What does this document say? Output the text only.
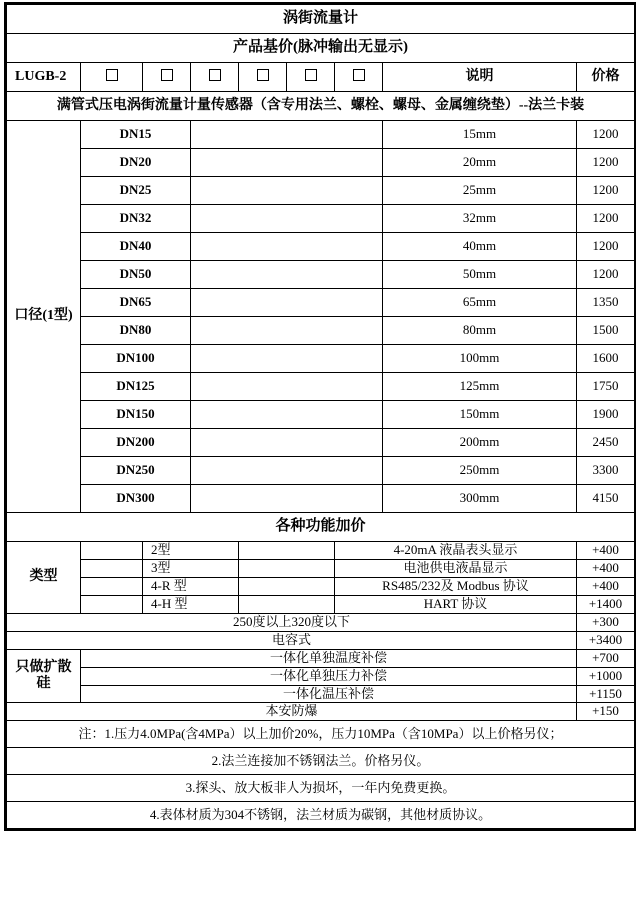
涡街流量计								
产品基价(脉冲输出无显示)								
LUGB-2							说明	价格
满管式压电涡街流量计量传感器（含专用法兰、螺栓、螺母、金属缠绕垫）--法兰卡装								
口径(1型)	DN15						15mm	1200
	DN20						20mm	1200
	DN25						25mm	1200
	DN32						32mm	1200
	DN40						40mm	1200
	DN50						50mm	1200
	DN65						65mm	1350
	DN80						80mm	1500
	DN100						100mm	1600
	DN125						125mm	1750
	DN150						150mm	1900
	DN200						200mm	2450
	DN250						250mm	3300
	DN300						300mm	4150
各种功能加价								
类型		2型				4-20mA 液晶表头显示		+400
		3型				电池供电液晶显示		+400
		4-R 型				RS485/232及 Modbus 协议		+400
		4-H 型				HART 协议		+1400
250度以上320度以下								+300
电容式								+3400
只做扩散硅	一体化单独温度补偿							+700
	一体化单独压力补偿							+1000
	一体化温压补偿							+1150
本安防爆								+150
注：1.压力4.0MPa(含4MPa）以上加价20%，压力10MPa（含10MPa）以上价格另仪；								
2.法兰连接加不锈钢法兰。价格另仪。								
3.探头、放大板非人为损坏，一年内免费更换。								
4.表体材质为304不锈钢，法兰材质为碳钢，其他材质协议。								
